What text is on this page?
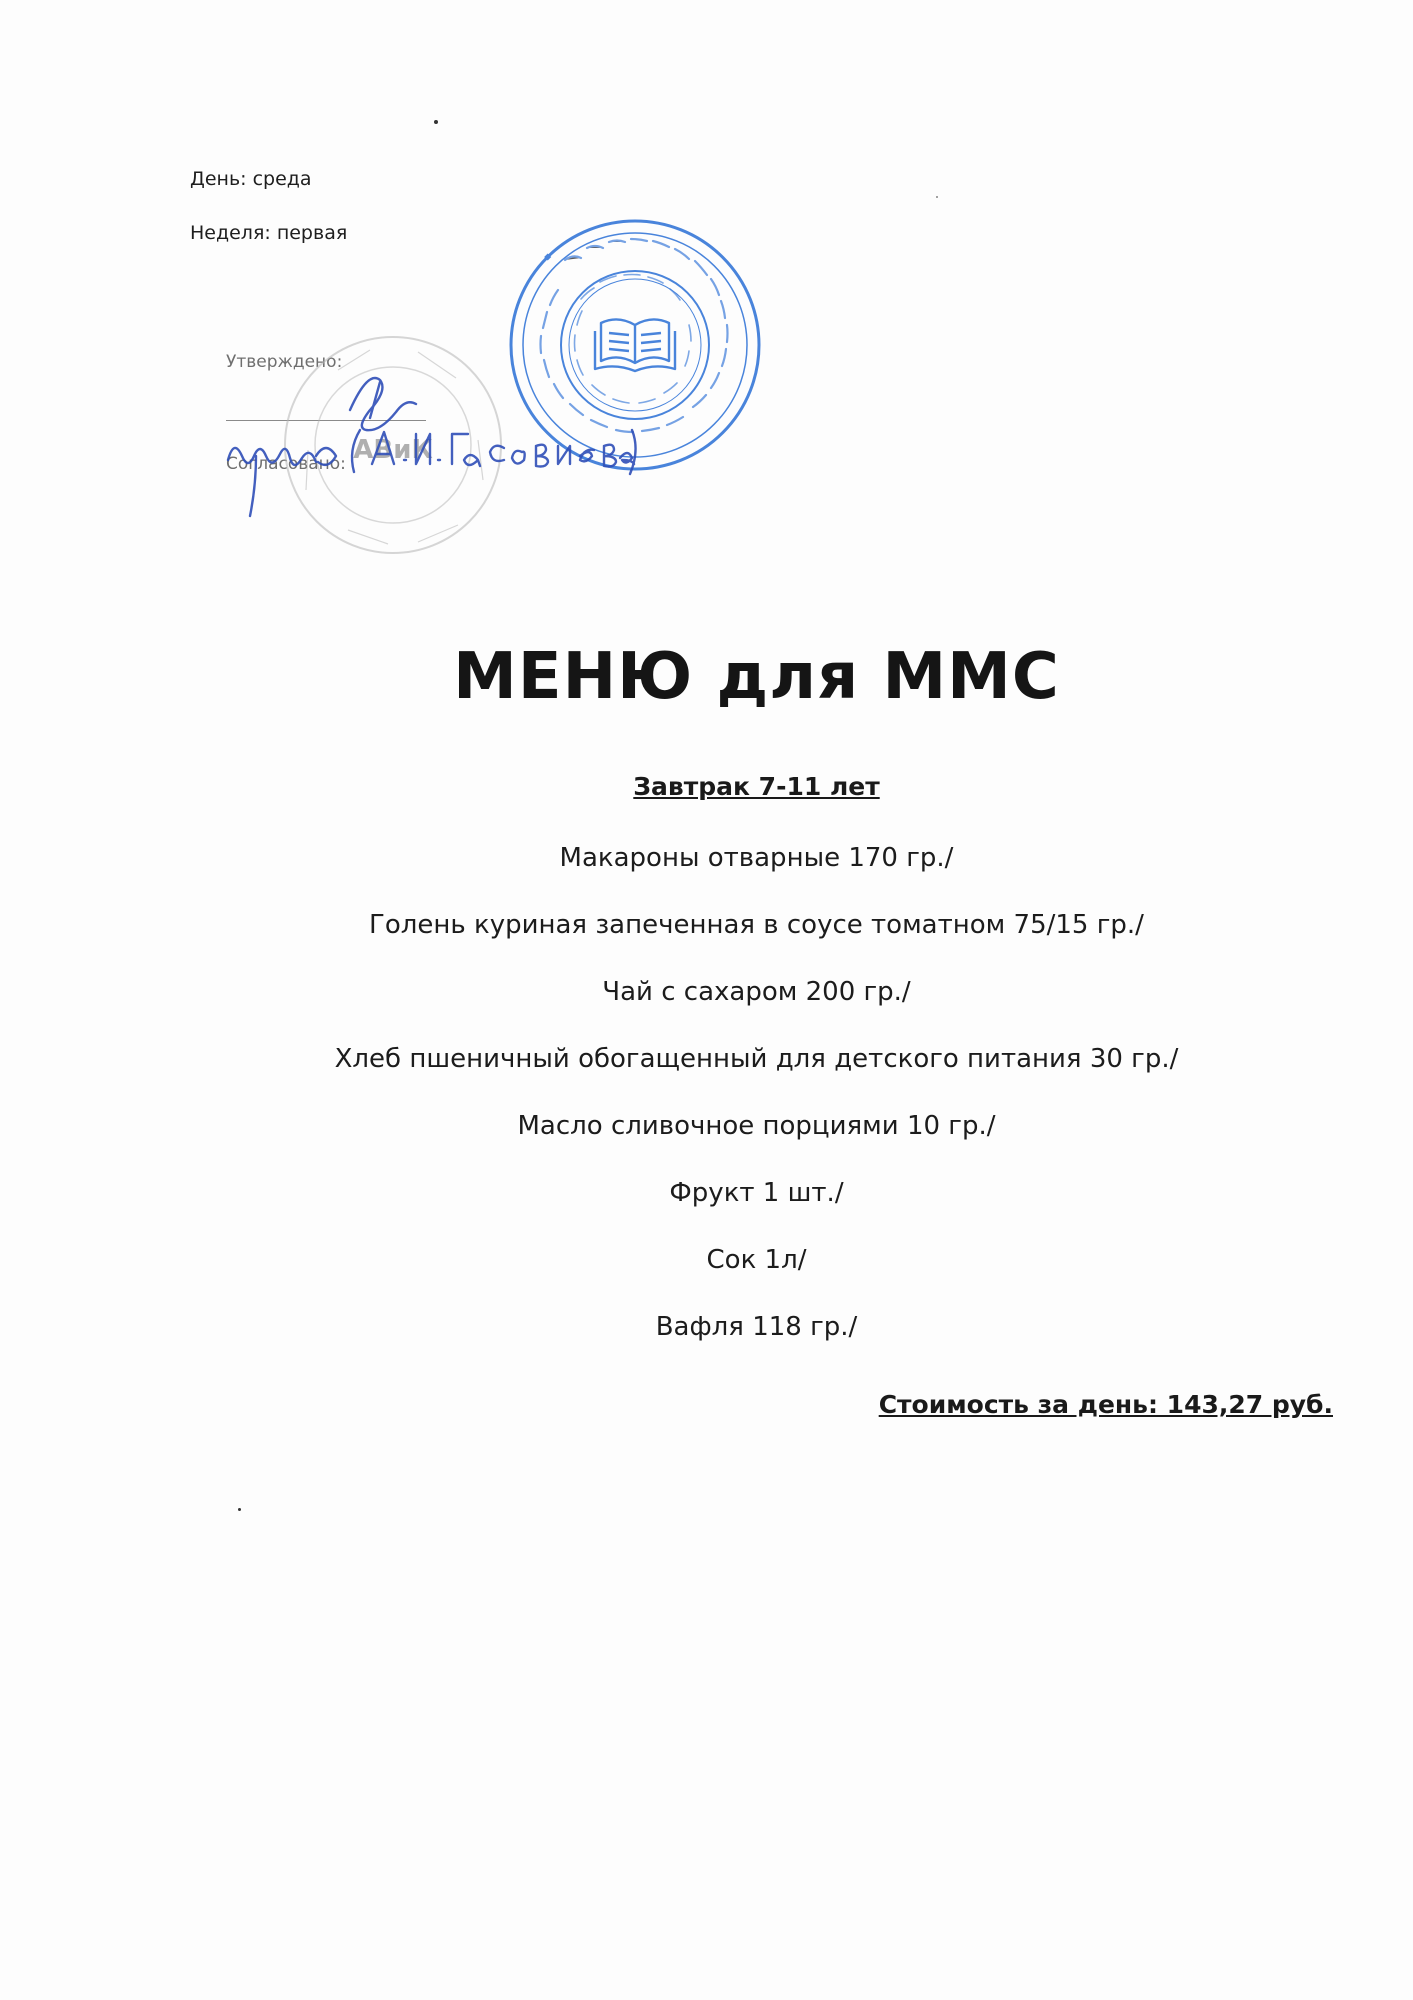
День: среда
Неделя: первая
Утверждено:
Согласовано: АВиК
МЕНЮ для ММС
Завтрак 7-11 лет
Макароны отварные 170 гр./
Голень куриная запеченная в соусе томатном 75/15 гр./
Чай с сахаром 200 гр./
Хлеб пшеничный обогащенный для детского питания 30 гр./
Масло сливочное порциями 10 гр./
Фрукт 1 шт./
Сок 1л/
Вафля 118 гр./
Стоимость за день: 143,27 руб.
